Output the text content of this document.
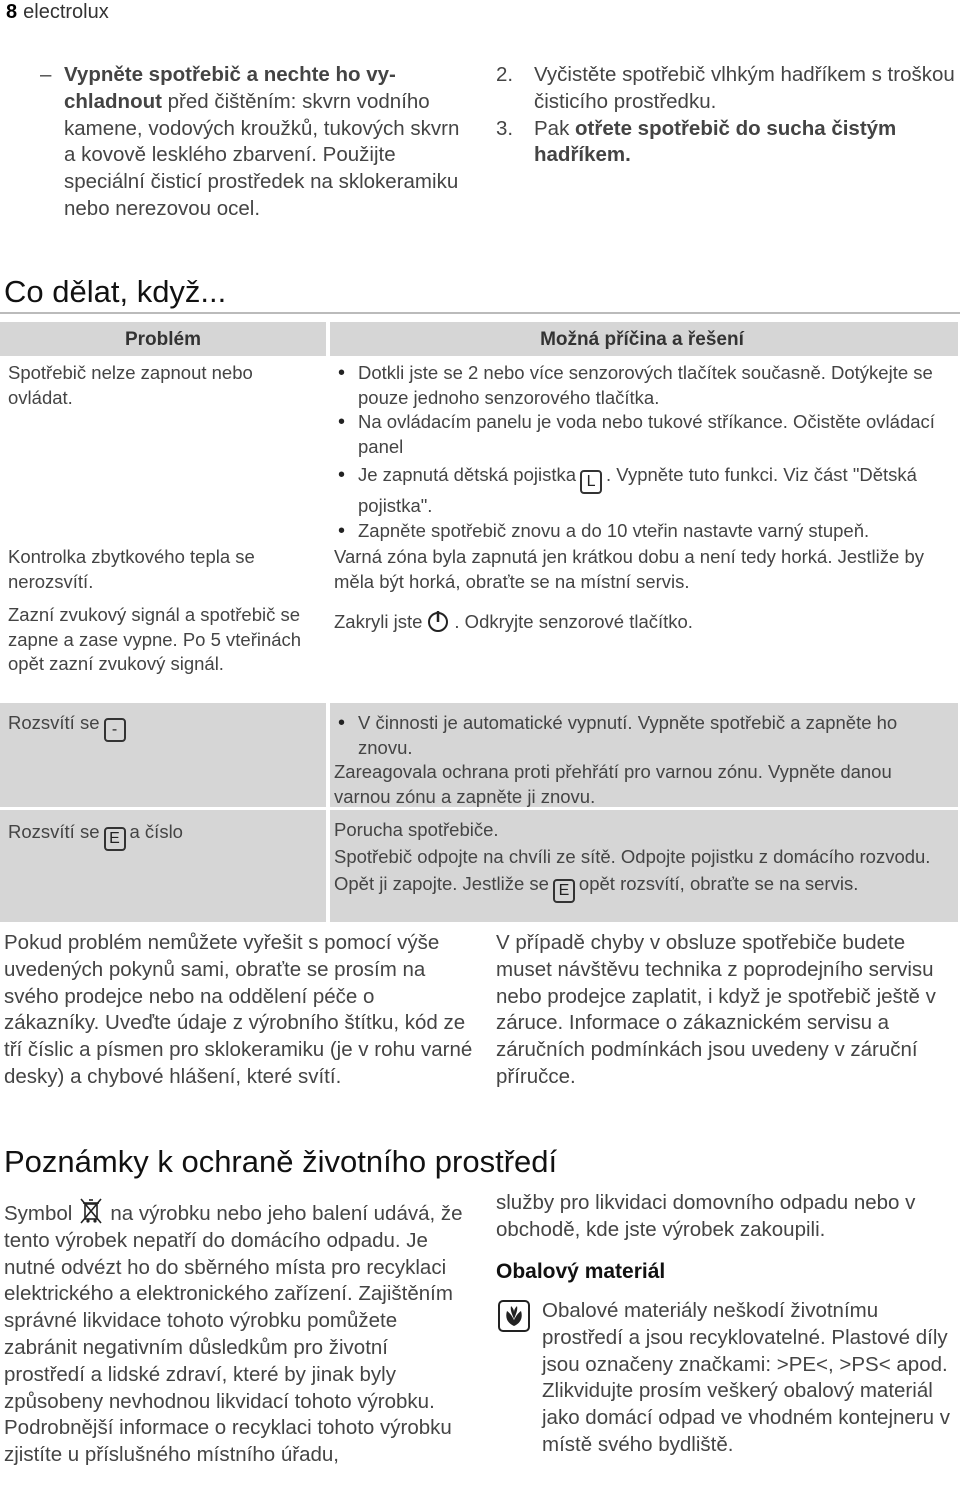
8 electrolux
– Vypněte spotřebič a nechte ho vy-chladnout před čištěním: skvrn vodního kamene, vodových kroužků, tukových skvrn a kovově lesklého zbarvení. Použijte speciální čisticí prostředek na sklokeramiku nebo nerezovou ocel.
2.	Vyčistěte spotřebič vlhkým hadříkem s troškou čisticího prostředku.
3.	Pak otřete spotřebič do sucha čistým hadříkem.
Co dělat, když...
Problém	Možná příčina a řešení
Spotřebič nelze zapnout nebo ovládat.
• Dotkli jste se 2 nebo více senzorových tlačítek současně. Dotýkejte se pouze jednoho senzorového tlačítka.
• Na ovládacím panelu je voda nebo tukové stříkance. Očistěte ovládací panel
• Je zapnutá dětská pojistka L . Vypněte tuto funkci. Viz část "Dětská pojistka".
• Zapněte spotřebič znovu a do 10 vteřin nastavte varný stupeň.
Kontrolka zbytkového tepla se nerozsvítí.
Varná zóna byla zapnutá jen krátkou dobu a není tedy horká. Jestliže by měla být horká, obraťte se na místní servis.
Zazní zvukový signál a spotřebič se zapne a zase vypne. Po 5 vteřinách opět zazní zvukový signál.
Zakryli jste . Odkryjte senzorové tlačítko.
Rozsvítí se -
•	V činnosti je automatické vypnutí. Vypněte spotřebič a zapněte ho znovu.
Zareagovala ochrana proti přehřátí pro varnou zónu. Vypněte danou varnou zónu a zapněte ji znovu.
Rozsvítí se E a číslo	Porucha spotřebiče.
Spotřebič odpojte na chvíli ze sítě. Odpojte pojistku z domácího rozvodu. Opět ji zapojte. Jestliže se E opět rozsvítí, obraťte se na servis.
Pokud problém nemůžete vyřešit s pomocí výše uvedených pokynů sami, obraťte se prosím na svého prodejce nebo na oddělení péče o zákazníky. Uveďte údaje z výrobního štítku, kód ze tří číslic a písmen pro sklokeramiku (je v rohu varné desky) a chybové hlášení, které svítí.
V případě chyby v obsluze spotřebiče budete muset návštěvu technika z poprodejního servisu nebo prodejce zaplatit, i když je spotřebič ještě v záruce. Informace o zákaznickém servisu a záručních podmínkách jsou uvedeny v záruční příručce.
Poznámky k ochraně životního prostředí
Symbol na výrobku nebo jeho balení udává, že tento výrobek nepatří do domácího odpadu. Je nutné odvézt ho do sběrného místa pro recyklaci elektrického a elektronického zařízení. Zajištěním správné likvidace tohoto výrobku pomůžete zabránit negativním důsledkům pro životní prostředí a lidské zdraví, které by jinak byly způsobeny nevhodnou likvidací tohoto výrobku. Podrobnější informace o recyklaci tohoto výrobku zjistíte u příslušného místního úřadu,
služby pro likvidaci domovního odpadu nebo v obchodě, kde jste výrobek zakoupili.
Obalový materiál
Obalové materiály neškodí životnímu prostředí a jsou recyklovatelné. Plastové díly jsou označeny značkami: >PE<, >PS< apod. Zlikvidujte prosím veškerý obalový materiál jako domácí odpad ve vhodném kontejneru v místě svého bydliště.
